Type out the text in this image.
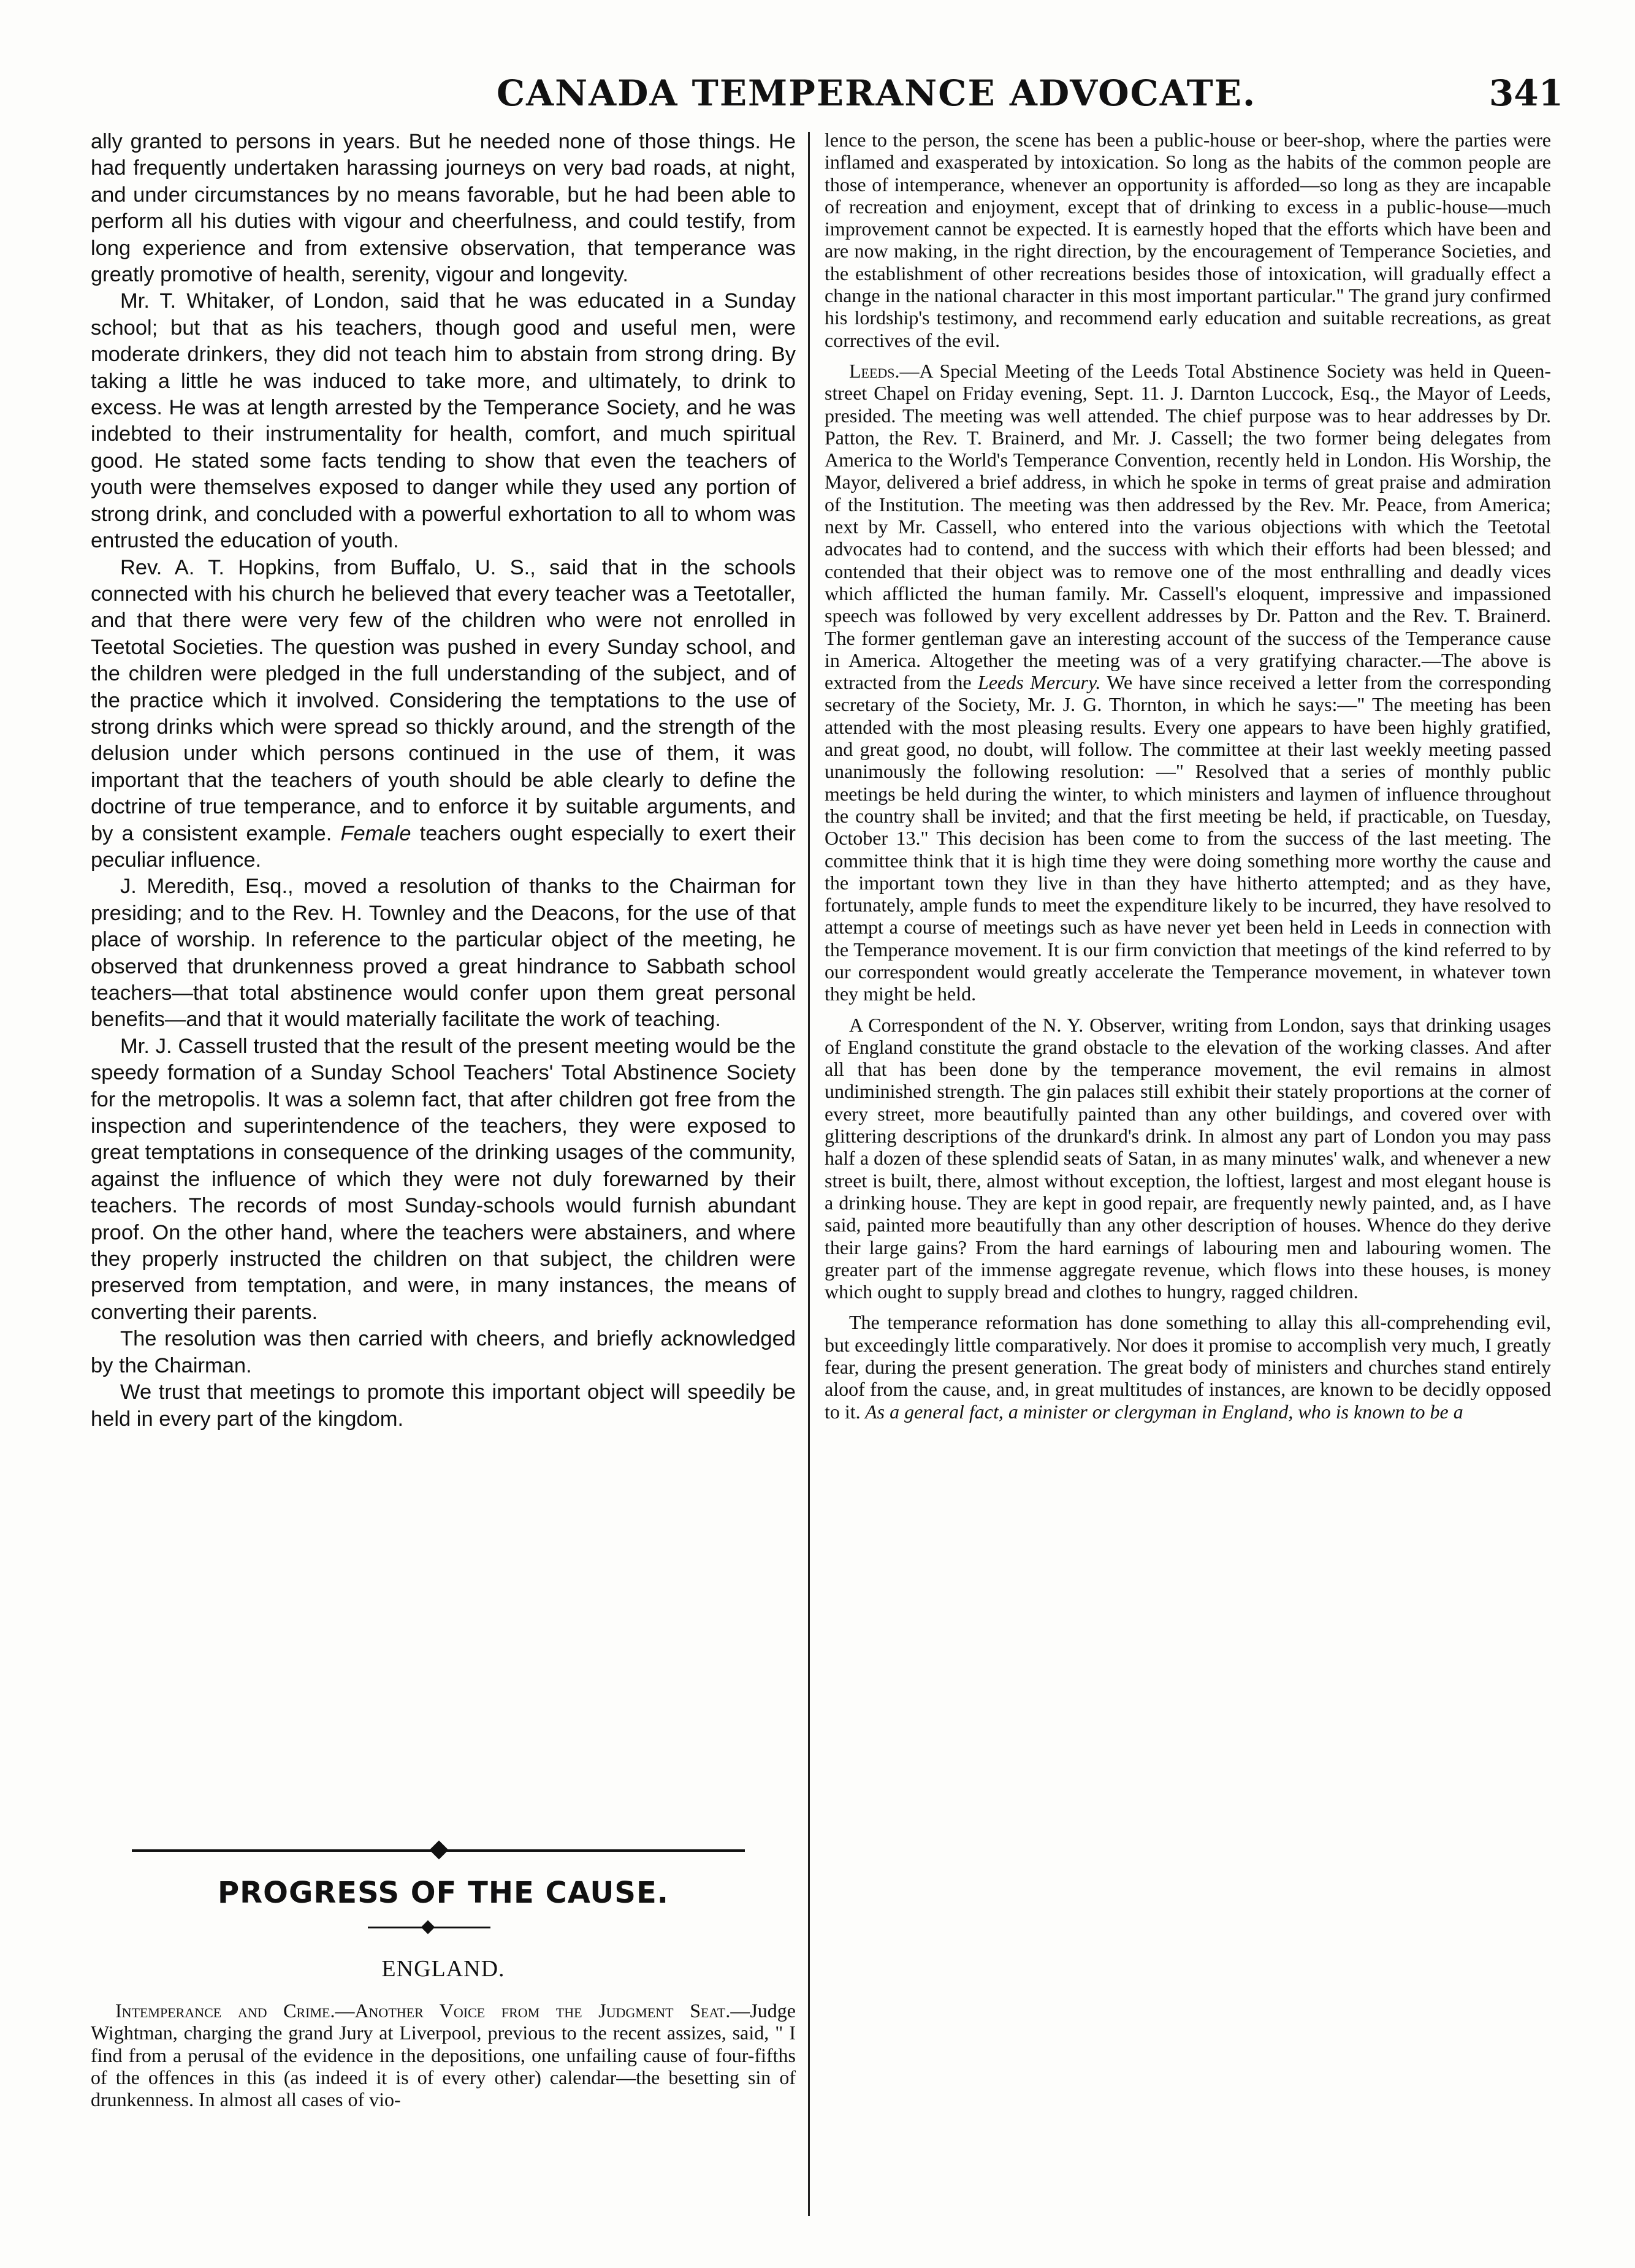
CANADA TEMPERANCE ADVOCATE.	341

ally granted to persons in years. But he needed none of those things. He had frequently undertaken harassing journeys on very bad roads, at night, and under circumstances by no means favorable, but he had been able to perform all his duties with vigour and cheerfulness, and could testify, from long experience and from extensive observation, that temperance was greatly promotive of health, serenity, vigour and longevity.

Mr. T. Whitaker, of London, said that he was educated in a Sunday school; but that as his teachers, though good and useful men, were moderate drinkers, they did not teach him to abstain from strong dring. By taking a little he was induced to take more, and ultimately, to drink to excess. He was at length arrested by the Temperance Society, and he was indebted to their instrumentality for health, comfort, and much spiritual good. He stated some facts tending to show that even the teachers of youth were themselves exposed to danger while they used any portion of strong drink, and concluded with a powerful exhortation to all to whom was entrusted the education of youth.

Rev. A. T. Hopkins, from Buffalo, U. S., said that in the schools connected with his church he believed that every teacher was a Teetotaller, and that there were very few of the children who were not enrolled in Teetotal Societies. The question was pushed in every Sunday school, and the children were pledged in the full understanding of the subject, and of the practice which it involved. Considering the temptations to the use of strong drinks which were spread so thickly around, and the strength of the delusion under which persons continued in the use of them, it was important that the teachers of youth should be able clearly to define the doctrine of true temperance, and to enforce it by suitable arguments, and by a consistent example. Female teachers ought especially to exert their peculiar influence.

J. Meredith, Esq., moved a resolution of thanks to the Chairman for presiding; and to the Rev. H. Townley and the Deacons, for the use of that place of worship. In reference to the particular object of the meeting, he observed that drunkenness proved a great hindrance to Sabbath school teachers—that total abstinence would confer upon them great personal benefits—and that it would materially facilitate the work of teaching.

Mr. J. Cassell trusted that the result of the present meeting would be the speedy formation of a Sunday School Teachers' Total Abstinence Society for the metropolis. It was a solemn fact, that after children got free from the inspection and superintendence of the teachers, they were exposed to great temptations in consequence of the drinking usages of the community, against the influence of which they were not duly forewarned by their teachers. The records of most Sunday-schools would furnish abundant proof. On the other hand, where the teachers were abstainers, and where they properly instructed the children on that subject, the children were preserved from temptation, and were, in many instances, the means of converting their parents.

The resolution was then carried with cheers, and briefly acknowledged by the Chairman.

We trust that meetings to promote this important object will speedily be held in every part of the kingdom.

PROGRESS OF THE CAUSE.
ENGLAND.

Intemperance and Crime.—Another Voice from the Judgment Seat.—Judge Wightman, charging the grand Jury at Liverpool, previous to the recent assizes, said, " I find from a perusal of the evidence in the depositions, one unfailing cause of four-fifths of the offences in this (as indeed it is of every other) calendar—the besetting sin of drunkenness. In almost all cases of vio-

lence to the person, the scene has been a public-house or beer-shop, where the parties were inflamed and exasperated by intoxication. So long as the habits of the common people are those of intemperance, whenever an opportunity is afforded—so long as they are incapable of recreation and enjoyment, except that of drinking to excess in a public-house—much improvement cannot be expected. It is earnestly hoped that the efforts which have been and are now making, in the right direction, by the encouragement of Temperance Societies, and the establishment of other recreations besides those of intoxication, will gradually effect a change in the national character in this most important particular." The grand jury confirmed his lordship's testimony, and recommend early education and suitable recreations, as great correctives of the evil.

Leeds.—A Special Meeting of the Leeds Total Abstinence Society was held in Queen-street Chapel on Friday evening, Sept. 11. J. Darnton Luccock, Esq., the Mayor of Leeds, presided. The meeting was well attended. The chief purpose was to hear addresses by Dr. Patton, the Rev. T. Brainerd, and Mr. J. Cassell; the two former being delegates from America to the World's Temperance Convention, recently held in London. His Worship, the Mayor, delivered a brief address, in which he spoke in terms of great praise and admiration of the Institution. The meeting was then addressed by the Rev. Mr. Peace, from America; next by Mr. Cassell, who entered into the various objections with which the Teetotal advocates had to contend, and the success with which their efforts had been blessed; and contended that their object was to remove one of the most enthralling and deadly vices which afflicted the human family. Mr. Cassell's eloquent, impressive and impassioned speech was followed by very excellent addresses by Dr. Patton and the Rev. T. Brainerd. The former gentleman gave an interesting account of the success of the Temperance cause in America. Altogether the meeting was of a very gratifying character.—The above is extracted from the Leeds Mercury. We have since received a letter from the corresponding secretary of the Society, Mr. J. G. Thornton, in which he says:—" The meeting has been attended with the most pleasing results. Every one appears to have been highly gratified, and great good, no doubt, will follow. The committee at their last weekly meeting passed unanimously the following resolution: —" Resolved that a series of monthly public meetings be held during the winter, to which ministers and laymen of influence throughout the country shall be invited; and that the first meeting be held, if practicable, on Tuesday, October 13." This decision has been come to from the success of the last meeting. The committee think that it is high time they were doing something more worthy the cause and the important town they live in than they have hitherto attempted; and as they have, fortunately, ample funds to meet the expenditure likely to be incurred, they have resolved to attempt a course of meetings such as have never yet been held in Leeds in connection with the Temperance movement. It is our firm conviction that meetings of the kind referred to by our correspondent would greatly accelerate the Temperance movement, in whatever town they might be held.

A Correspondent of the N. Y. Observer, writing from London, says that drinking usages of England constitute the grand obstacle to the elevation of the working classes. And after all that has been done by the temperance movement, the evil remains in almost undiminished strength. The gin palaces still exhibit their stately proportions at the corner of every street, more beautifully painted than any other buildings, and covered over with glittering descriptions of the drunkard's drink. In almost any part of London you may pass half a dozen of these splendid seats of Satan, in as many minutes' walk, and whenever a new street is built, there, almost without exception, the loftiest, largest and most elegant house is a drinking house. They are kept in good repair, are frequently newly painted, and, as I have said, painted more beautifully than any other description of houses. Whence do they derive their large gains? From the hard earnings of labouring men and labouring women. The greater part of the immense aggregate revenue, which flows into these houses, is money which ought to supply bread and clothes to hungry, ragged children.

The temperance reformation has done something to allay this all-comprehending evil, but exceedingly little comparatively. Nor does it promise to accomplish very much, I greatly fear, during the present generation. The great body of ministers and churches stand entirely aloof from the cause, and, in great multitudes of instances, are known to be decidly opposed to it. As a general fact, a minister or clergyman in England, who is known to be a
